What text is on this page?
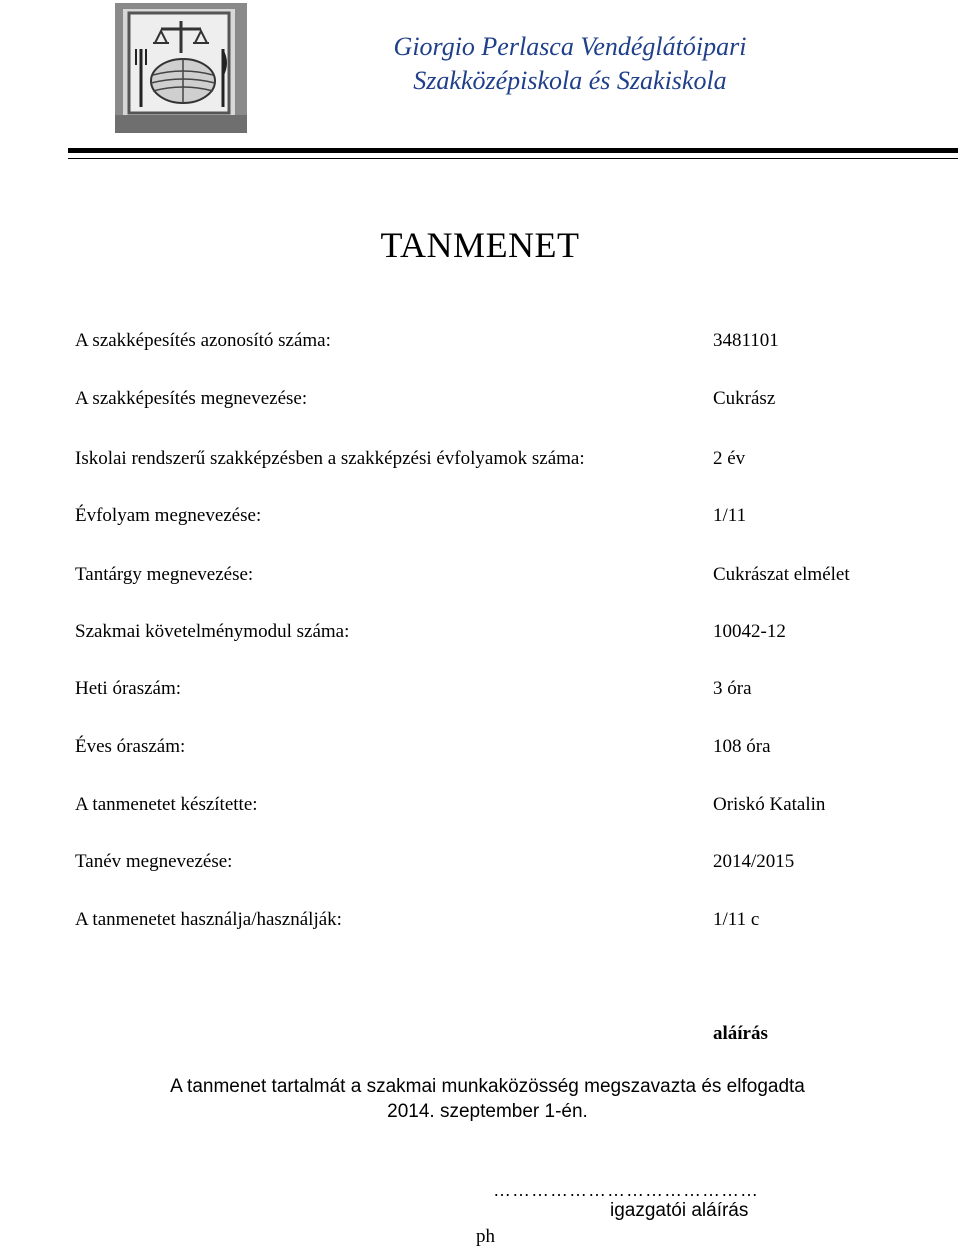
Giorgio Perlasca Vendéglátóipari
Szakközépiskola és Szakiskola
TANMENET
A szakképesítés azonosító száma:	3481101
A szakképesítés megnevezése:	Cukrász
Iskolai rendszerű szakképzésben a szakképzési évfolyamok száma:	2 év
Évfolyam megnevezése:	1/11
Tantárgy megnevezése:	Cukrászat elmélet
Szakmai követelménymodul száma:	10042-12
Heti óraszám:	3 óra
Éves óraszám:	108 óra
A tanmenetet készítette:	Oriskó Katalin
Tanév megnevezése:	2014/2015
A tanmenetet használja/használják:	1/11 c
aláírás
A tanmenet tartalmát a szakmai munkaközösség megszavazta és elfogadta
2014. szeptember 1-én.
……………………………………
igazgatói aláírás
ph
